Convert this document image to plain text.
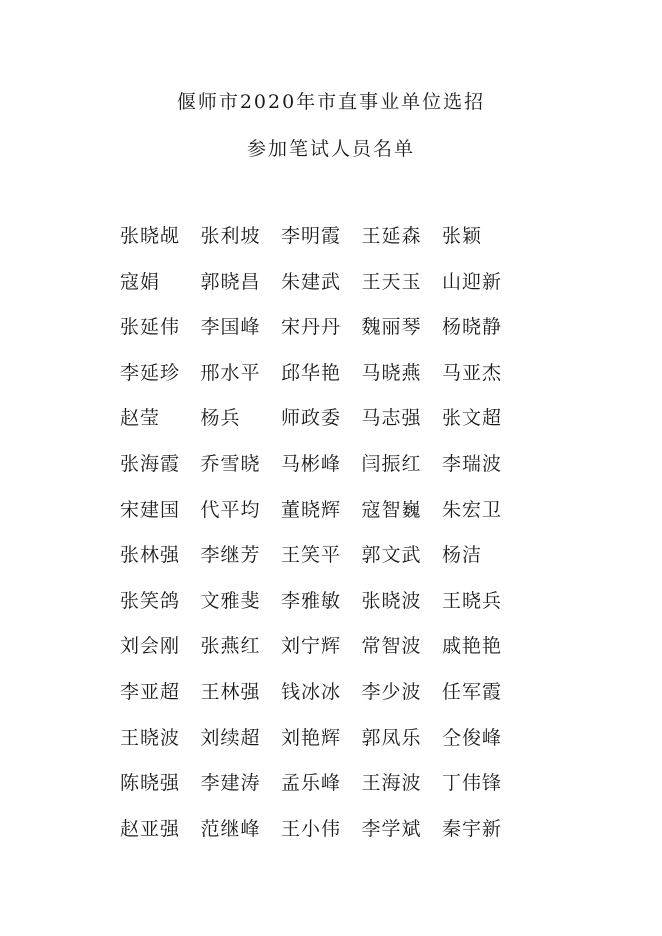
偃师市2020年市直事业单位选招
参加笔试人员名单
张晓觇	张利坡	李明霞	王延森	张颖
寇娟	郭晓昌	朱建武	王天玉	山迎新
张延伟	李国峰	宋丹丹	魏丽琴	杨晓静
李延珍	邢水平	邱华艳	马晓燕	马亚杰
赵莹	杨兵	师政委	马志强	张文超
张海霞	乔雪晓	马彬峰	闫振红	李瑞波
宋建国	代平均	董晓辉	寇智巍	朱宏卫
张林强	李继芳	王笑平	郭文武	杨洁
张笑鸽	文雅斐	李雅敏	张晓波	王晓兵
刘会刚	张燕红	刘宁辉	常智波	戚艳艳
李亚超	王林强	钱冰冰	李少波	任军霞
王晓波	刘续超	刘艳辉	郭凤乐	仝俊峰
陈晓强	李建涛	孟乐峰	王海波	丁伟锋
赵亚强	范继峰	王小伟	李学斌	秦宇新
